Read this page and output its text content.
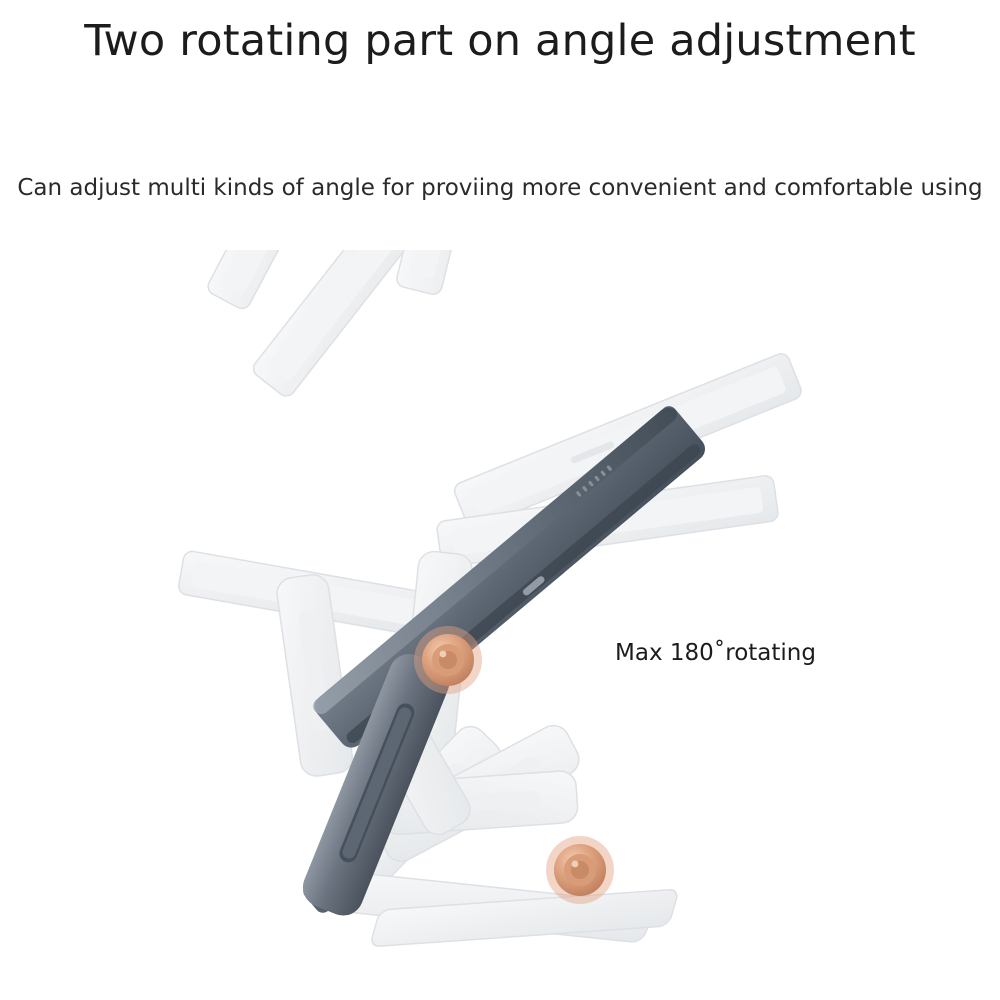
Two rotating part on angle adjustment
Can adjust multi kinds of angle for proviing more convenient and comfortable using
Max 180˚rotating
